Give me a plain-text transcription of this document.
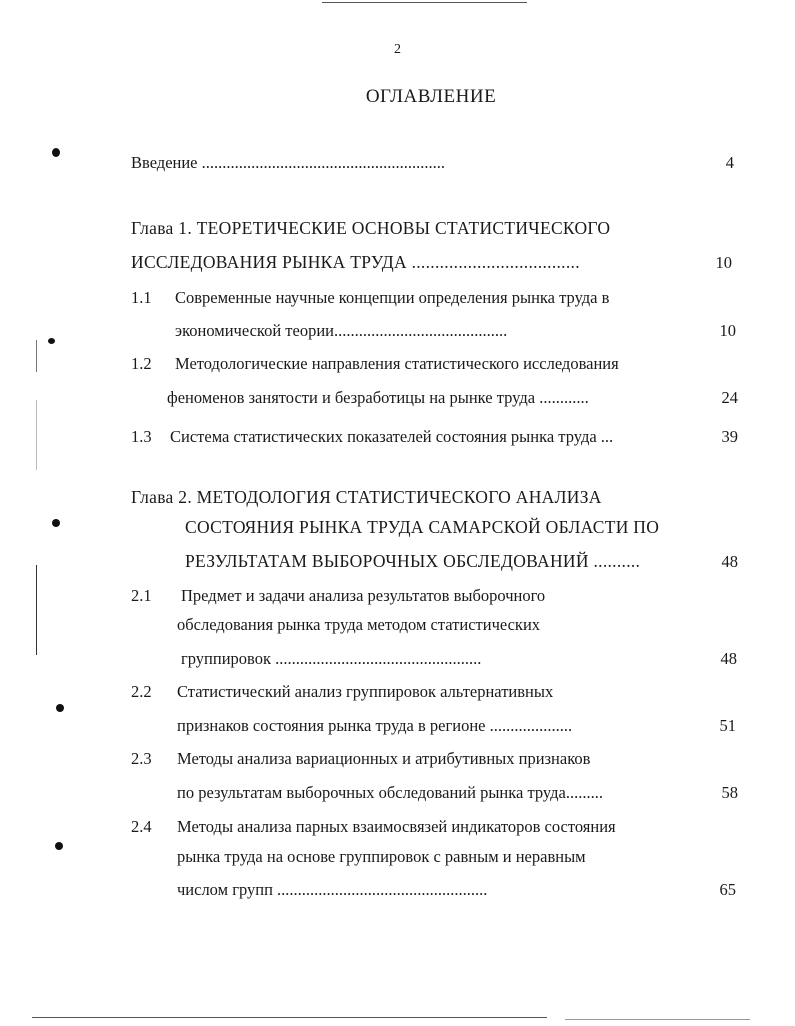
2
ОГЛАВЛЕНИЕ
Введение ...........................................................	4
Глава 1. ТЕОРЕТИЧЕСКИЕ ОСНОВЫ СТАТИСТИЧЕСКОГО
ИССЛЕДОВАНИЯ РЫНКА ТРУДА ....................................	10
1.1 Современные научные концепции определения рынка труда в
экономической теории..........................................	10
1.2 Методологические направления статистического исследования
феноменов занятости и безработицы на рынке труда ............	24
1.3 Система статистических показателей состояния рынка труда ...	39
Глава 2. МЕТОДОЛОГИЯ СТАТИСТИЧЕСКОГО АНАЛИЗА
СОСТОЯНИЯ РЫНКА ТРУДА САМАРСКОЙ ОБЛАСТИ ПО
РЕЗУЛЬТАТАМ ВЫБОРОЧНЫХ ОБСЛЕДОВАНИЙ ..........	48
2.1 Предмет и задачи анализа результатов выборочного
обследования рынка труда методом статистических
группировок ..................................................	48
2.2 Статистический анализ группировок альтернативных
признаков состояния рынка труда в регионе ....................	51
2.3 Методы анализа вариационных и атрибутивных признаков
по результатам выборочных обследований рынка труда.........	58
2.4 Методы анализа парных взаимосвязей индикаторов состояния
рынка труда на основе группировок с равным и неравным
числом групп ...................................................	65
